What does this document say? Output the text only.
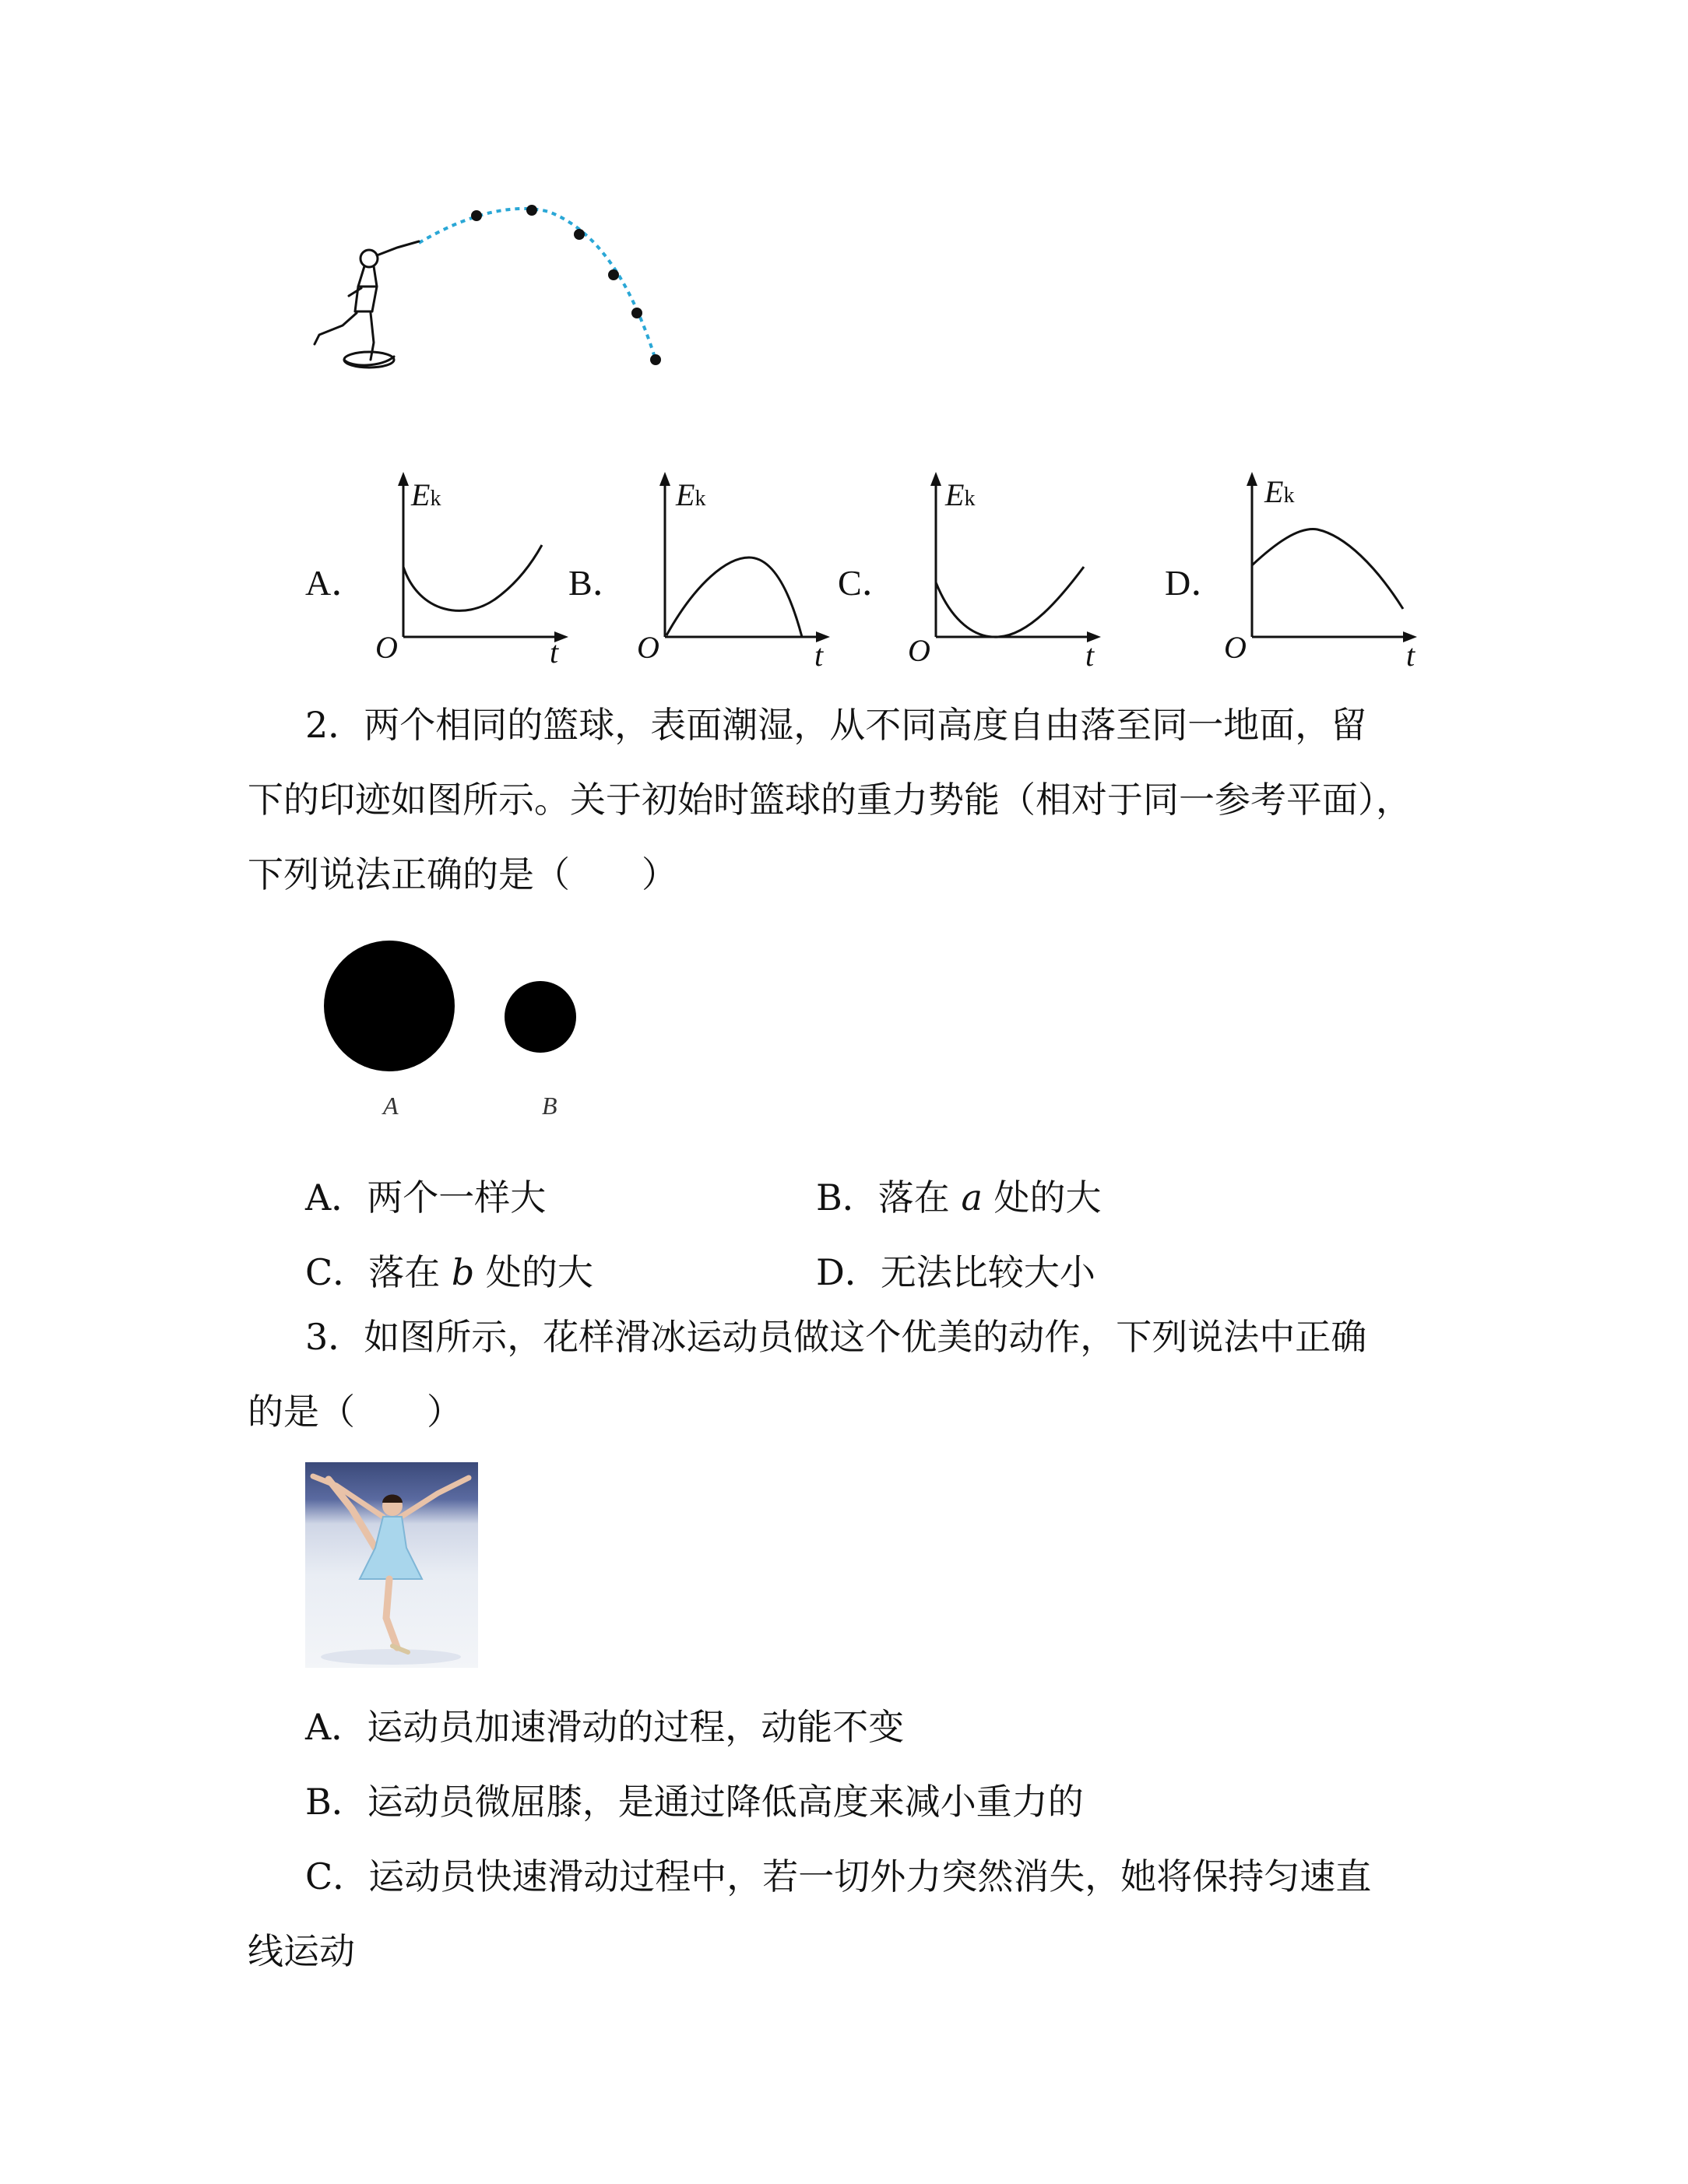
A．
Ek
O	t
B．
Ek
O	t
C．
Ek
O	t
D．
Ek
O	t
2．两个相同的篮球，表面潮湿，从不同高度自由落至同一地面，留
下的印迹如图所示。关于初始时篮球的重力势能（相对于同一参考平面），
下列说法正确的是（　　）
A	B
A．两个一样大	B．落在 a 处的大
C．落在 b 处的大	D．无法比较大小
3．如图所示，花样滑冰运动员做这个优美的动作，下列说法中正确
的是（　　）
A．运动员加速滑动的过程，动能不变
B．运动员微屈膝，是通过降低高度来减小重力的
C．运动员快速滑动过程中，若一切外力突然消失，她将保持匀速直
线运动
